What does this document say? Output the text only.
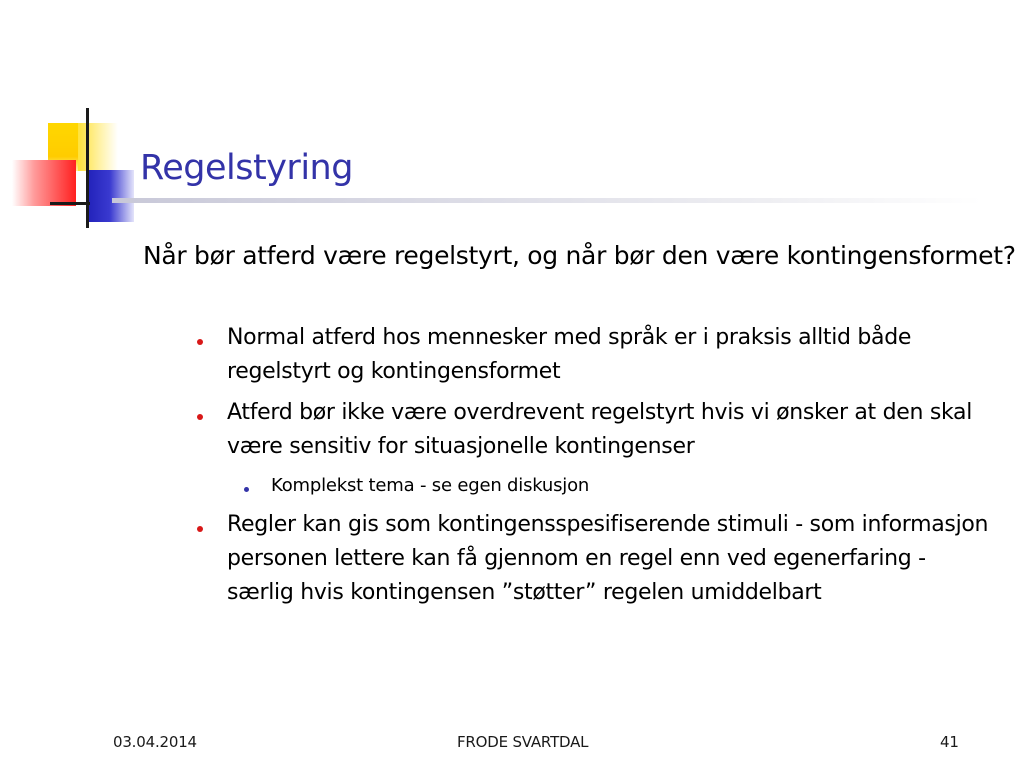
Regelstyring
Når bør atferd være regelstyrt, og når bør den være kontingensformet?
Normal atferd hos mennesker med språk er i praksis alltid både regelstyrt og kontingensformet
Atferd bør ikke være overdrevent regelstyrt hvis vi ønsker at den skal være sensitiv for situasjonelle kontingenser
Komplekst tema - se egen diskusjon
Regler kan gis som kontingensspesifiserende stimuli - som informasjon personen lettere kan få gjennom en regel enn ved egenerfaring - særlig hvis kontingensen ”støtter” regelen umiddelbart
03.04.2014	FRODE SVARTDAL	41
